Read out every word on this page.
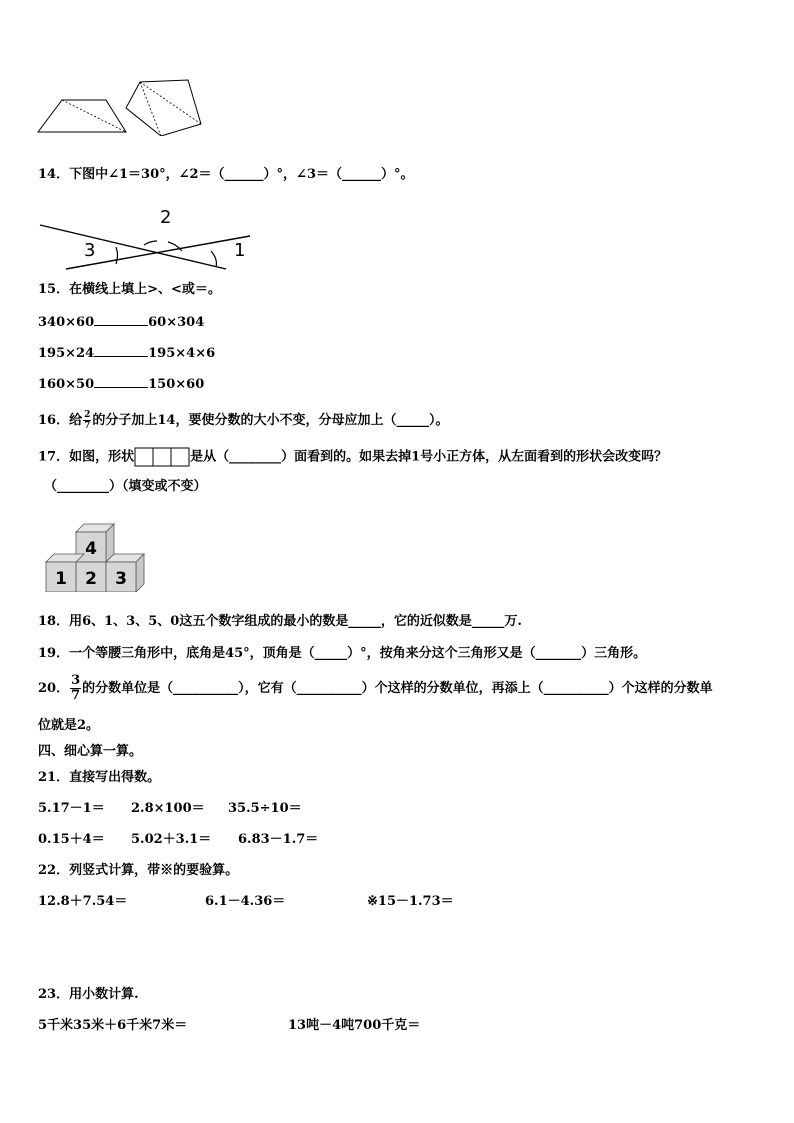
14．下图中∠1＝30°，∠2＝（______）°，∠3＝（______）°。
2
3	1
15．在横线上填上>、<或＝。
340×60	60×304
195×24	195×4×6
160×50	150×60
16．给 $\frac{2}{7}$ 的分子加上14，要使分数的大小不变，分母应加上（_____）。
17．如图，形状	是从（________）面看到的。如果去掉1号小正方体，从左面看到的形状会改变吗？
（________）（填变或不变）
4
1 2 3
18．用6、1、3、5、0这五个数字组成的最小的数是_____，它的近似数是_____万.
19．一个等腰三角形中，底角是45°，顶角是（_____）°，按角来分这个三角形又是（_______）三角形。
20． $\frac{3}{7}$ 的分数单位是（__________），它有（__________）个这样的分数单位，再添上（__________）个这样的分数单
位就是2。
四、细心算一算。
21．直接写出得数。
5.17－1＝ 2.8×100＝ 35.5÷10＝
0.15＋4＝ 5.02＋3.1＝ 6.83－1.7＝
22．列竖式计算，带※的要验算。
12.8＋7.54＝	6.1－4.36＝	※15－1.73＝
23．用小数计算.
5千米35米＋6千米7米＝	13吨－4吨700千克＝
